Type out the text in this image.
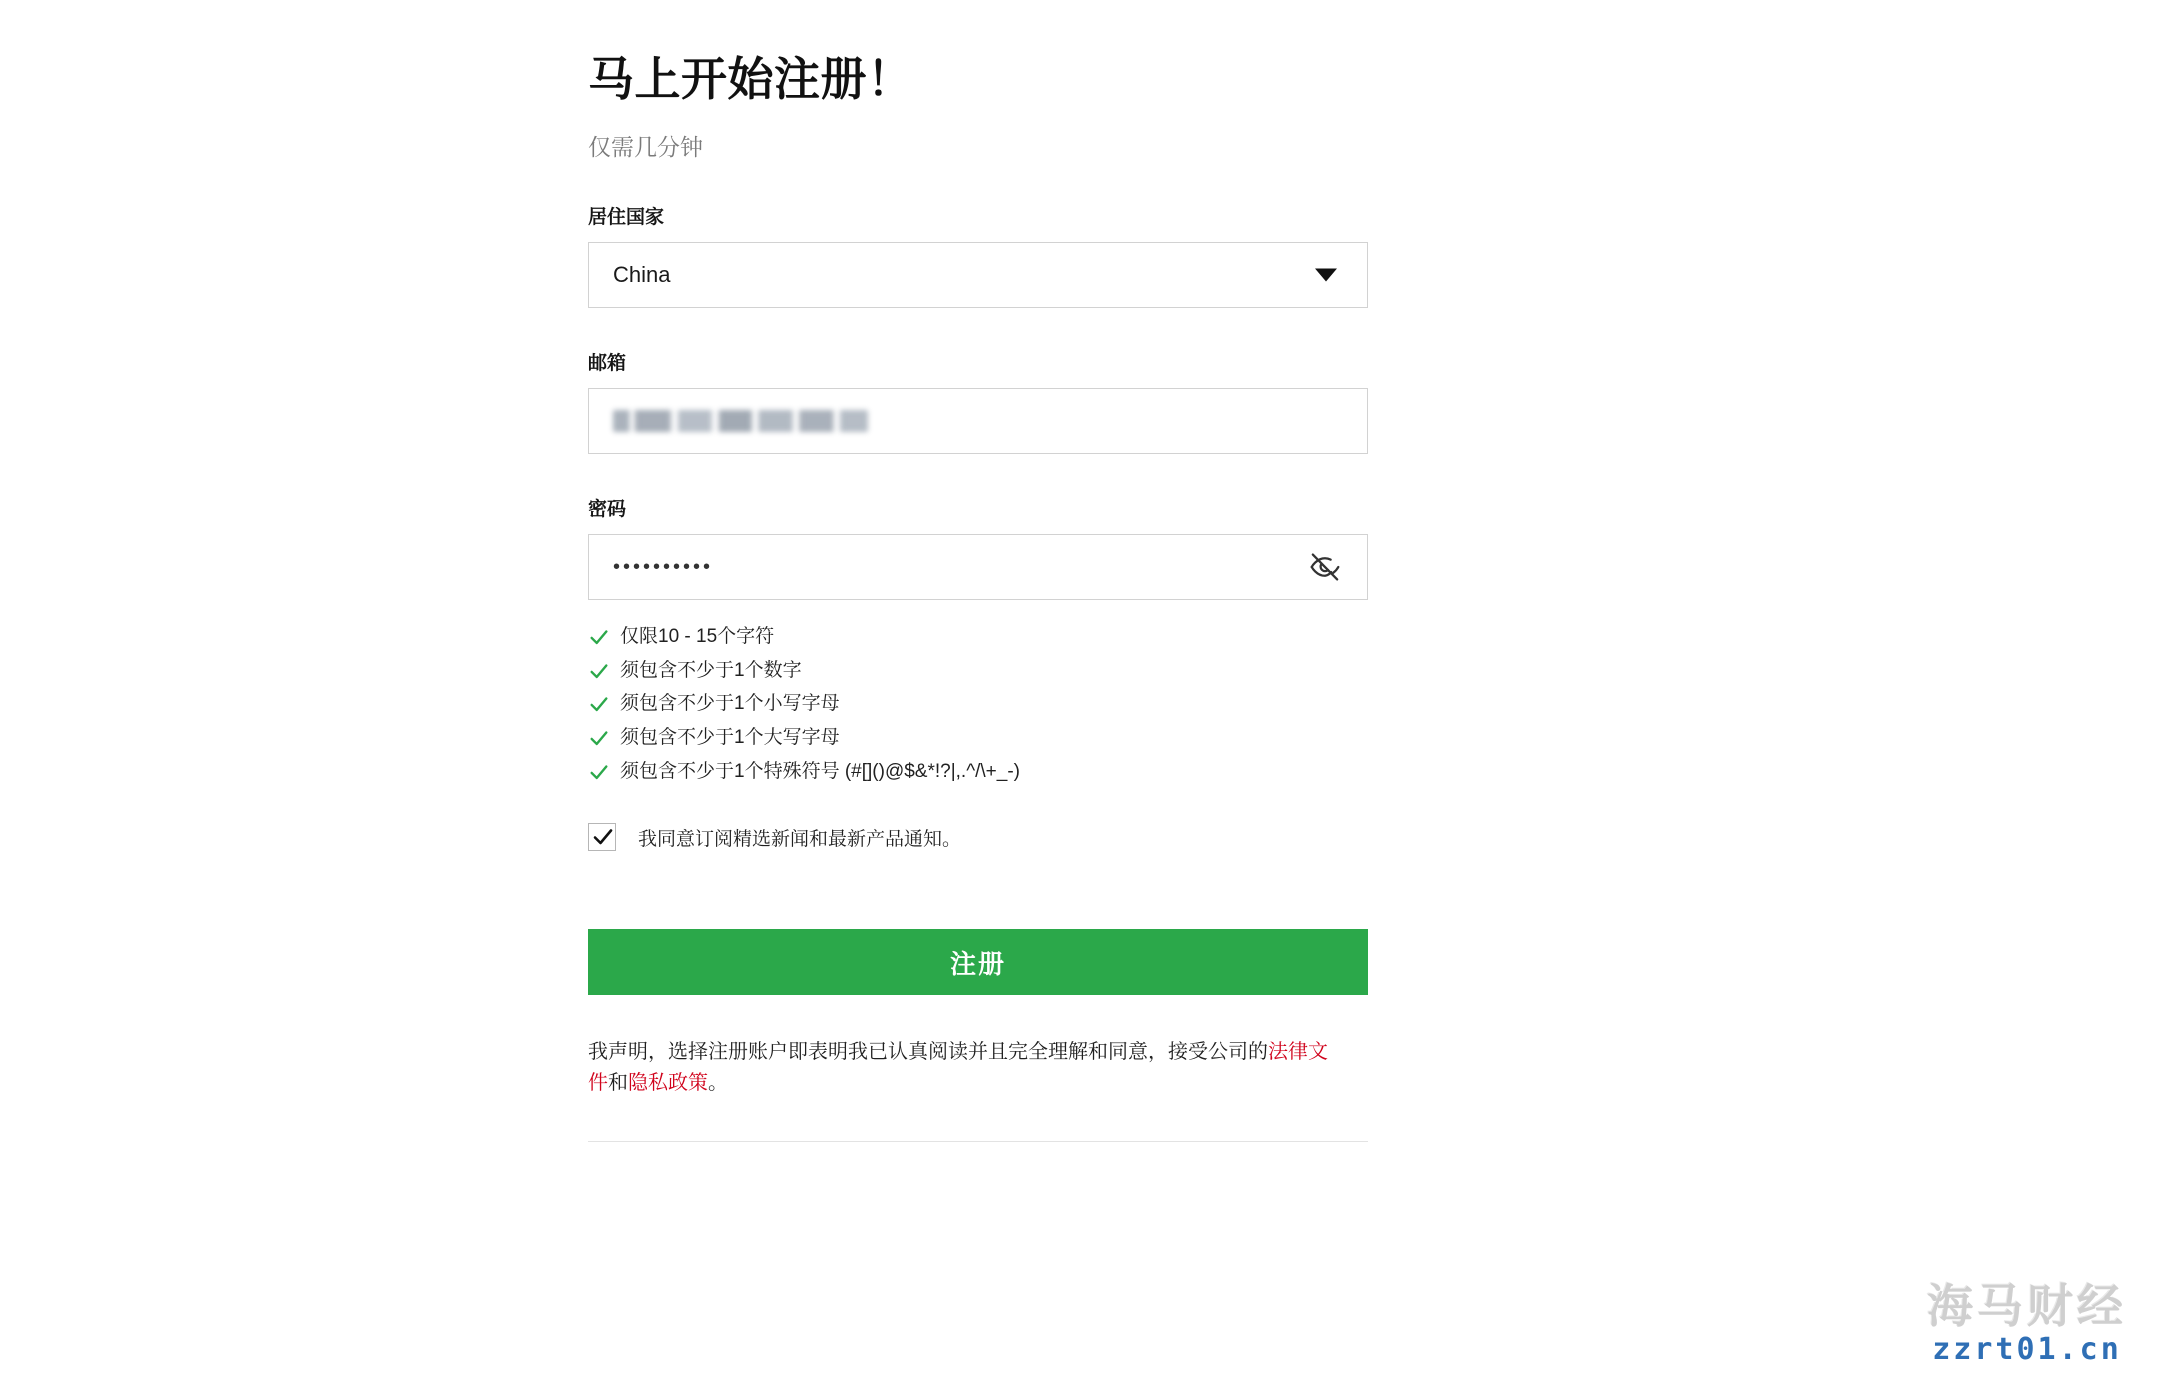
马上开始注册！

仅需几分钟

居住国家
China
邮箱
密码
••••••••••
仅限10 - 15个字符
须包含不少于1个数字
须包含不少于1个小写字母
须包含不少于1个大写字母
须包含不少于1个特殊符号 (#[]()@$&*!?|,.^/\+_-)
我同意订阅精选新闻和最新产品通知。
注册
我声明，选择注册账户即表明我已认真阅读并且完全理解和同意，接受公司的法律文件和隐私政策。
海马财经
zzrt01.cn
